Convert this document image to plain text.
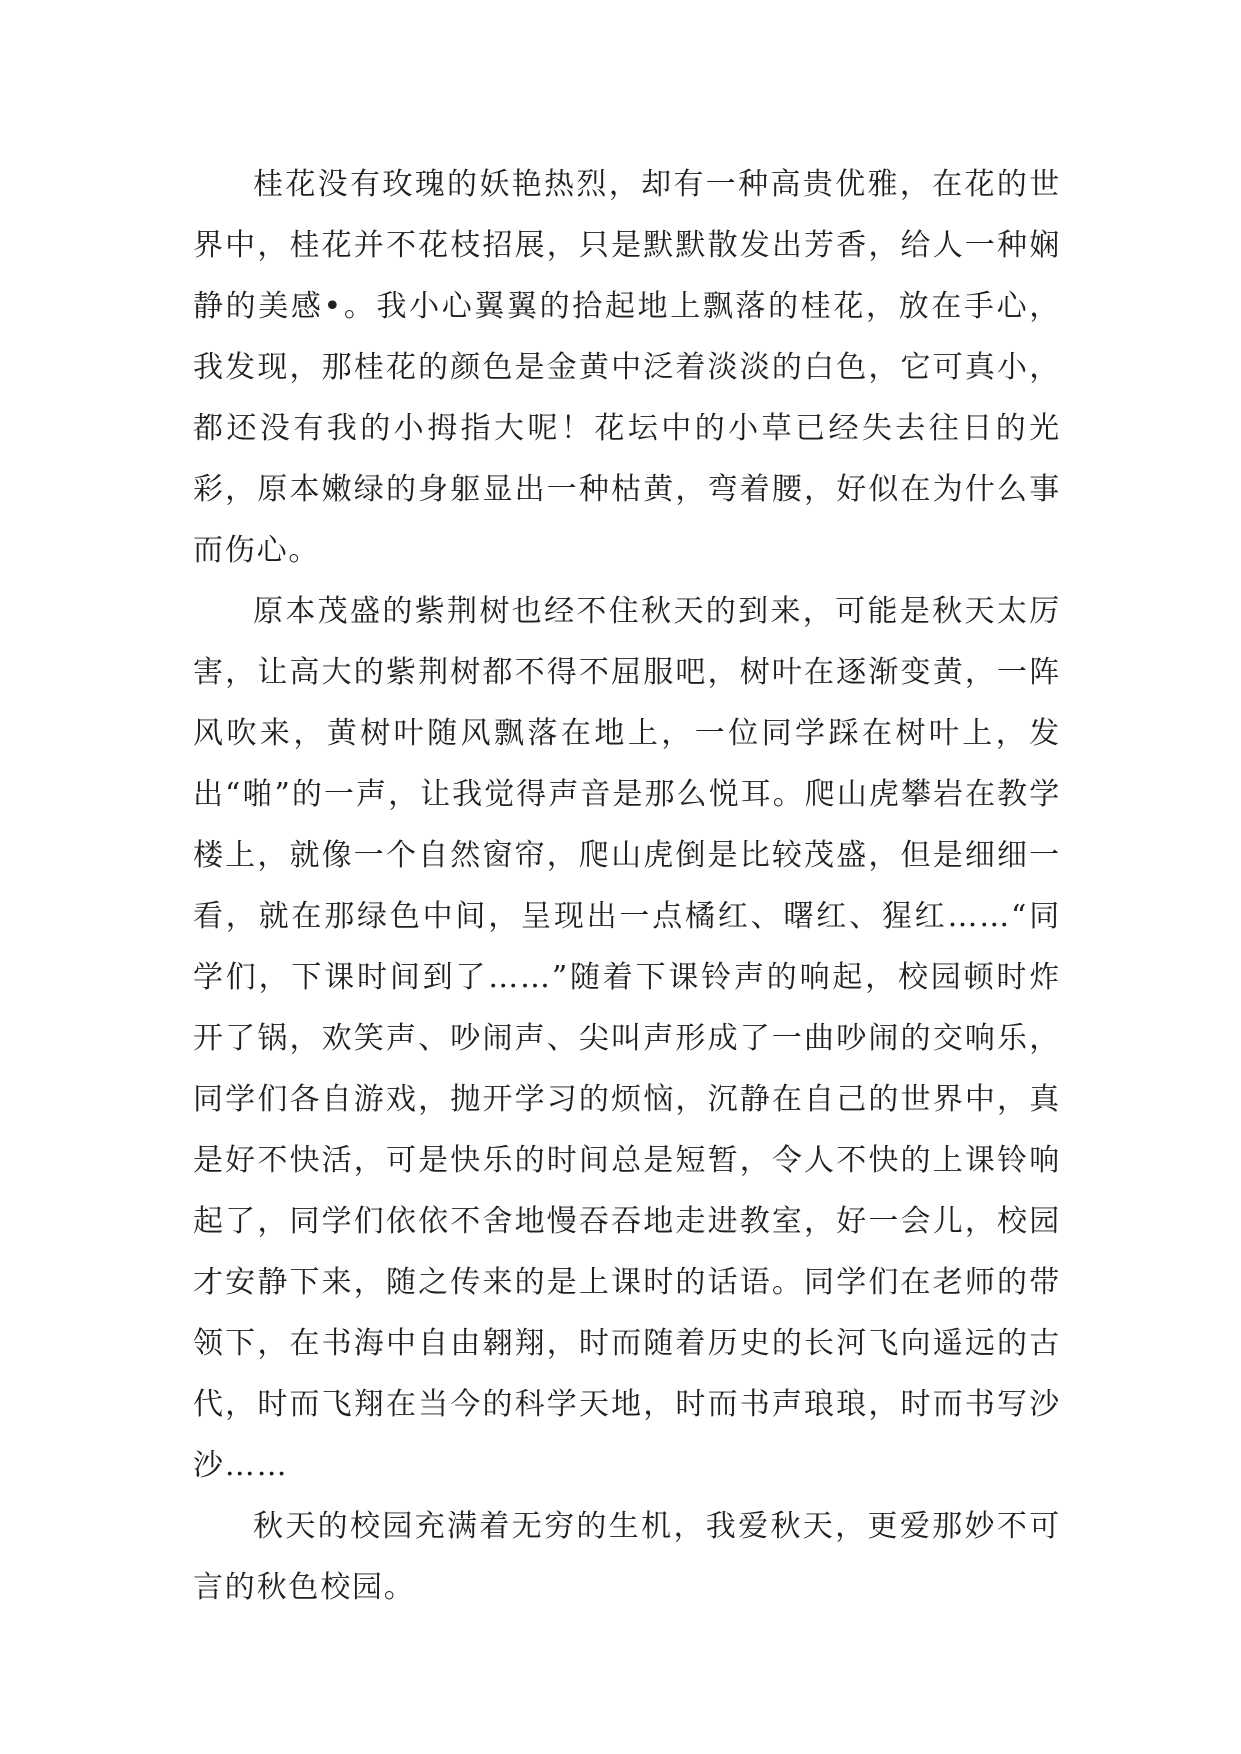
桂花没有玫瑰的妖艳热烈，却有一种高贵优雅，在花的世界中，桂花并不花枝招展，只是默默散发出芳香，给人一种娴静的美感•。我小心翼翼的拾起地上飘落的桂花，放在手心，我发现，那桂花的颜色是金黄中泛着淡淡的白色，它可真小，都还没有我的小拇指大呢！花坛中的小草已经失去往日的光彩，原本嫩绿的身躯显出一种枯黄，弯着腰，好似在为什么事而伤心。

原本茂盛的紫荆树也经不住秋天的到来，可能是秋天太厉害，让高大的紫荆树都不得不屈服吧，树叶在逐渐变黄，一阵风吹来，黄树叶随风飘落在地上，一位同学踩在树叶上，发出“啪”的一声，让我觉得声音是那么悦耳。爬山虎攀岩在教学楼上，就像一个自然窗帘，爬山虎倒是比较茂盛，但是细细一看，就在那绿色中间，呈现出一点橘红、曙红、猩红……“同学们，下课时间到了……”随着下课铃声的响起，校园顿时炸开了锅，欢笑声、吵闹声、尖叫声形成了一曲吵闹的交响乐，同学们各自游戏，抛开学习的烦恼，沉静在自己的世界中，真是好不快活，可是快乐的时间总是短暂，令人不快的上课铃响起了，同学们依依不舍地慢吞吞地走进教室，好一会儿，校园才安静下来，随之传来的是上课时的话语。同学们在老师的带领下，在书海中自由翱翔，时而随着历史的长河飞向遥远的古代，时而飞翔在当今的科学天地，时而书声琅琅，时而书写沙沙……

秋天的校园充满着无穷的生机，我爱秋天，更爱那妙不可言的秋色校园。
